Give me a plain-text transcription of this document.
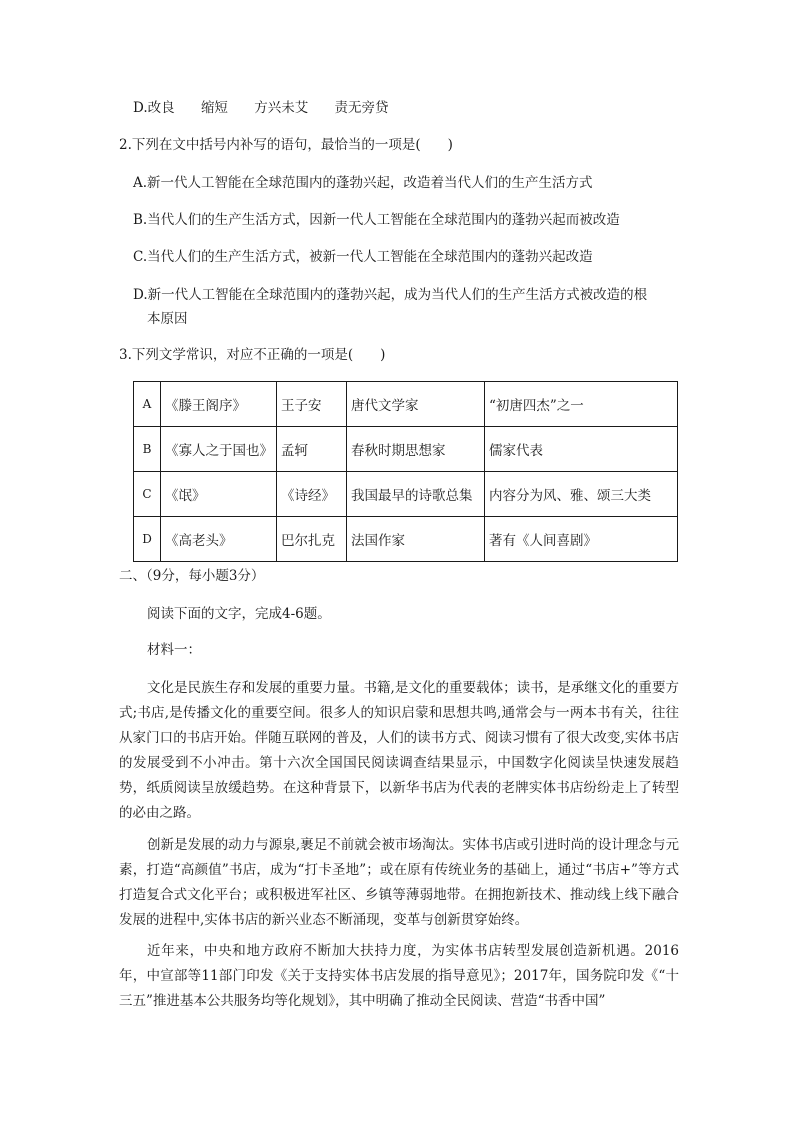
D.改良 缩短 方兴未艾 责无旁贷
2.下列在文中括号内补写的语句，最恰当的一项是(　　)
A.新一代人工智能在全球范围内的蓬勃兴起，改造着当代人们的生产生活方式
B.当代人们的生产生活方式，因新一代人工智能在全球范围内的蓬勃兴起而被改造
C.当代人们的生产生活方式，被新一代人工智能在全球范围内的蓬勃兴起改造
D.新一代人工智能在全球范围内的蓬勃兴起，成为当代人们的生产生活方式被改造的根
本原因
3.下列文学常识，对应不正确的一项是(　　)
A	《滕王阁序》	王子安	唐代文学家	“初唐四杰”之一
B	《寡人之于国也》	孟轲	春秋时期思想家	儒家代表
C	《氓》	《诗经》	我国最早的诗歌总集	内容分为风、雅、颂三大类
D	《高老头》	巴尔扎克	法国作家	著有《人间喜剧》
二、（9分，每小题3分）
阅读下面的文字，完成4-6题。
材料一：
文化是民族生存和发展的重要力量。书籍,是文化的重要载体；读书，是承继文化的重要方式;书店,是传播文化的重要空间。很多人的知识启蒙和思想共鸣,通常会与一两本书有关，往往从家门口的书店开始。伴随互联网的普及，人们的读书方式、阅读习惯有了很大改变,实体书店的发展受到不小冲击。第十六次全国国民阅读调查结果显示，中国数字化阅读呈快速发展趋势，纸质阅读呈放缓趋势。在这种背景下，以新华书店为代表的老牌实体书店纷纷走上了转型的必由之路。
创新是发展的动力与源泉,裹足不前就会被市场淘汰。实体书店或引进时尚的设计理念与元素，打造“高颜值”书店，成为“打卡圣地”；或在原有传统业务的基础上，通过“书店+”等方式打造复合式文化平台；或积极进军社区、乡镇等薄弱地带。在拥抱新技术、推动线上线下融合发展的进程中,实体书店的新兴业态不断涌现，变革与创新贯穿始终。
近年来，中央和地方政府不断加大扶持力度，为实体书店转型发展创造新机遇。2016年，中宣部等11部门印发《关于支持实体书店发展的指导意见》；2017年，国务院印发《“十三五”推进基本公共服务均等化规划》，其中明确了推动全民阅读、营造“书香中国”
